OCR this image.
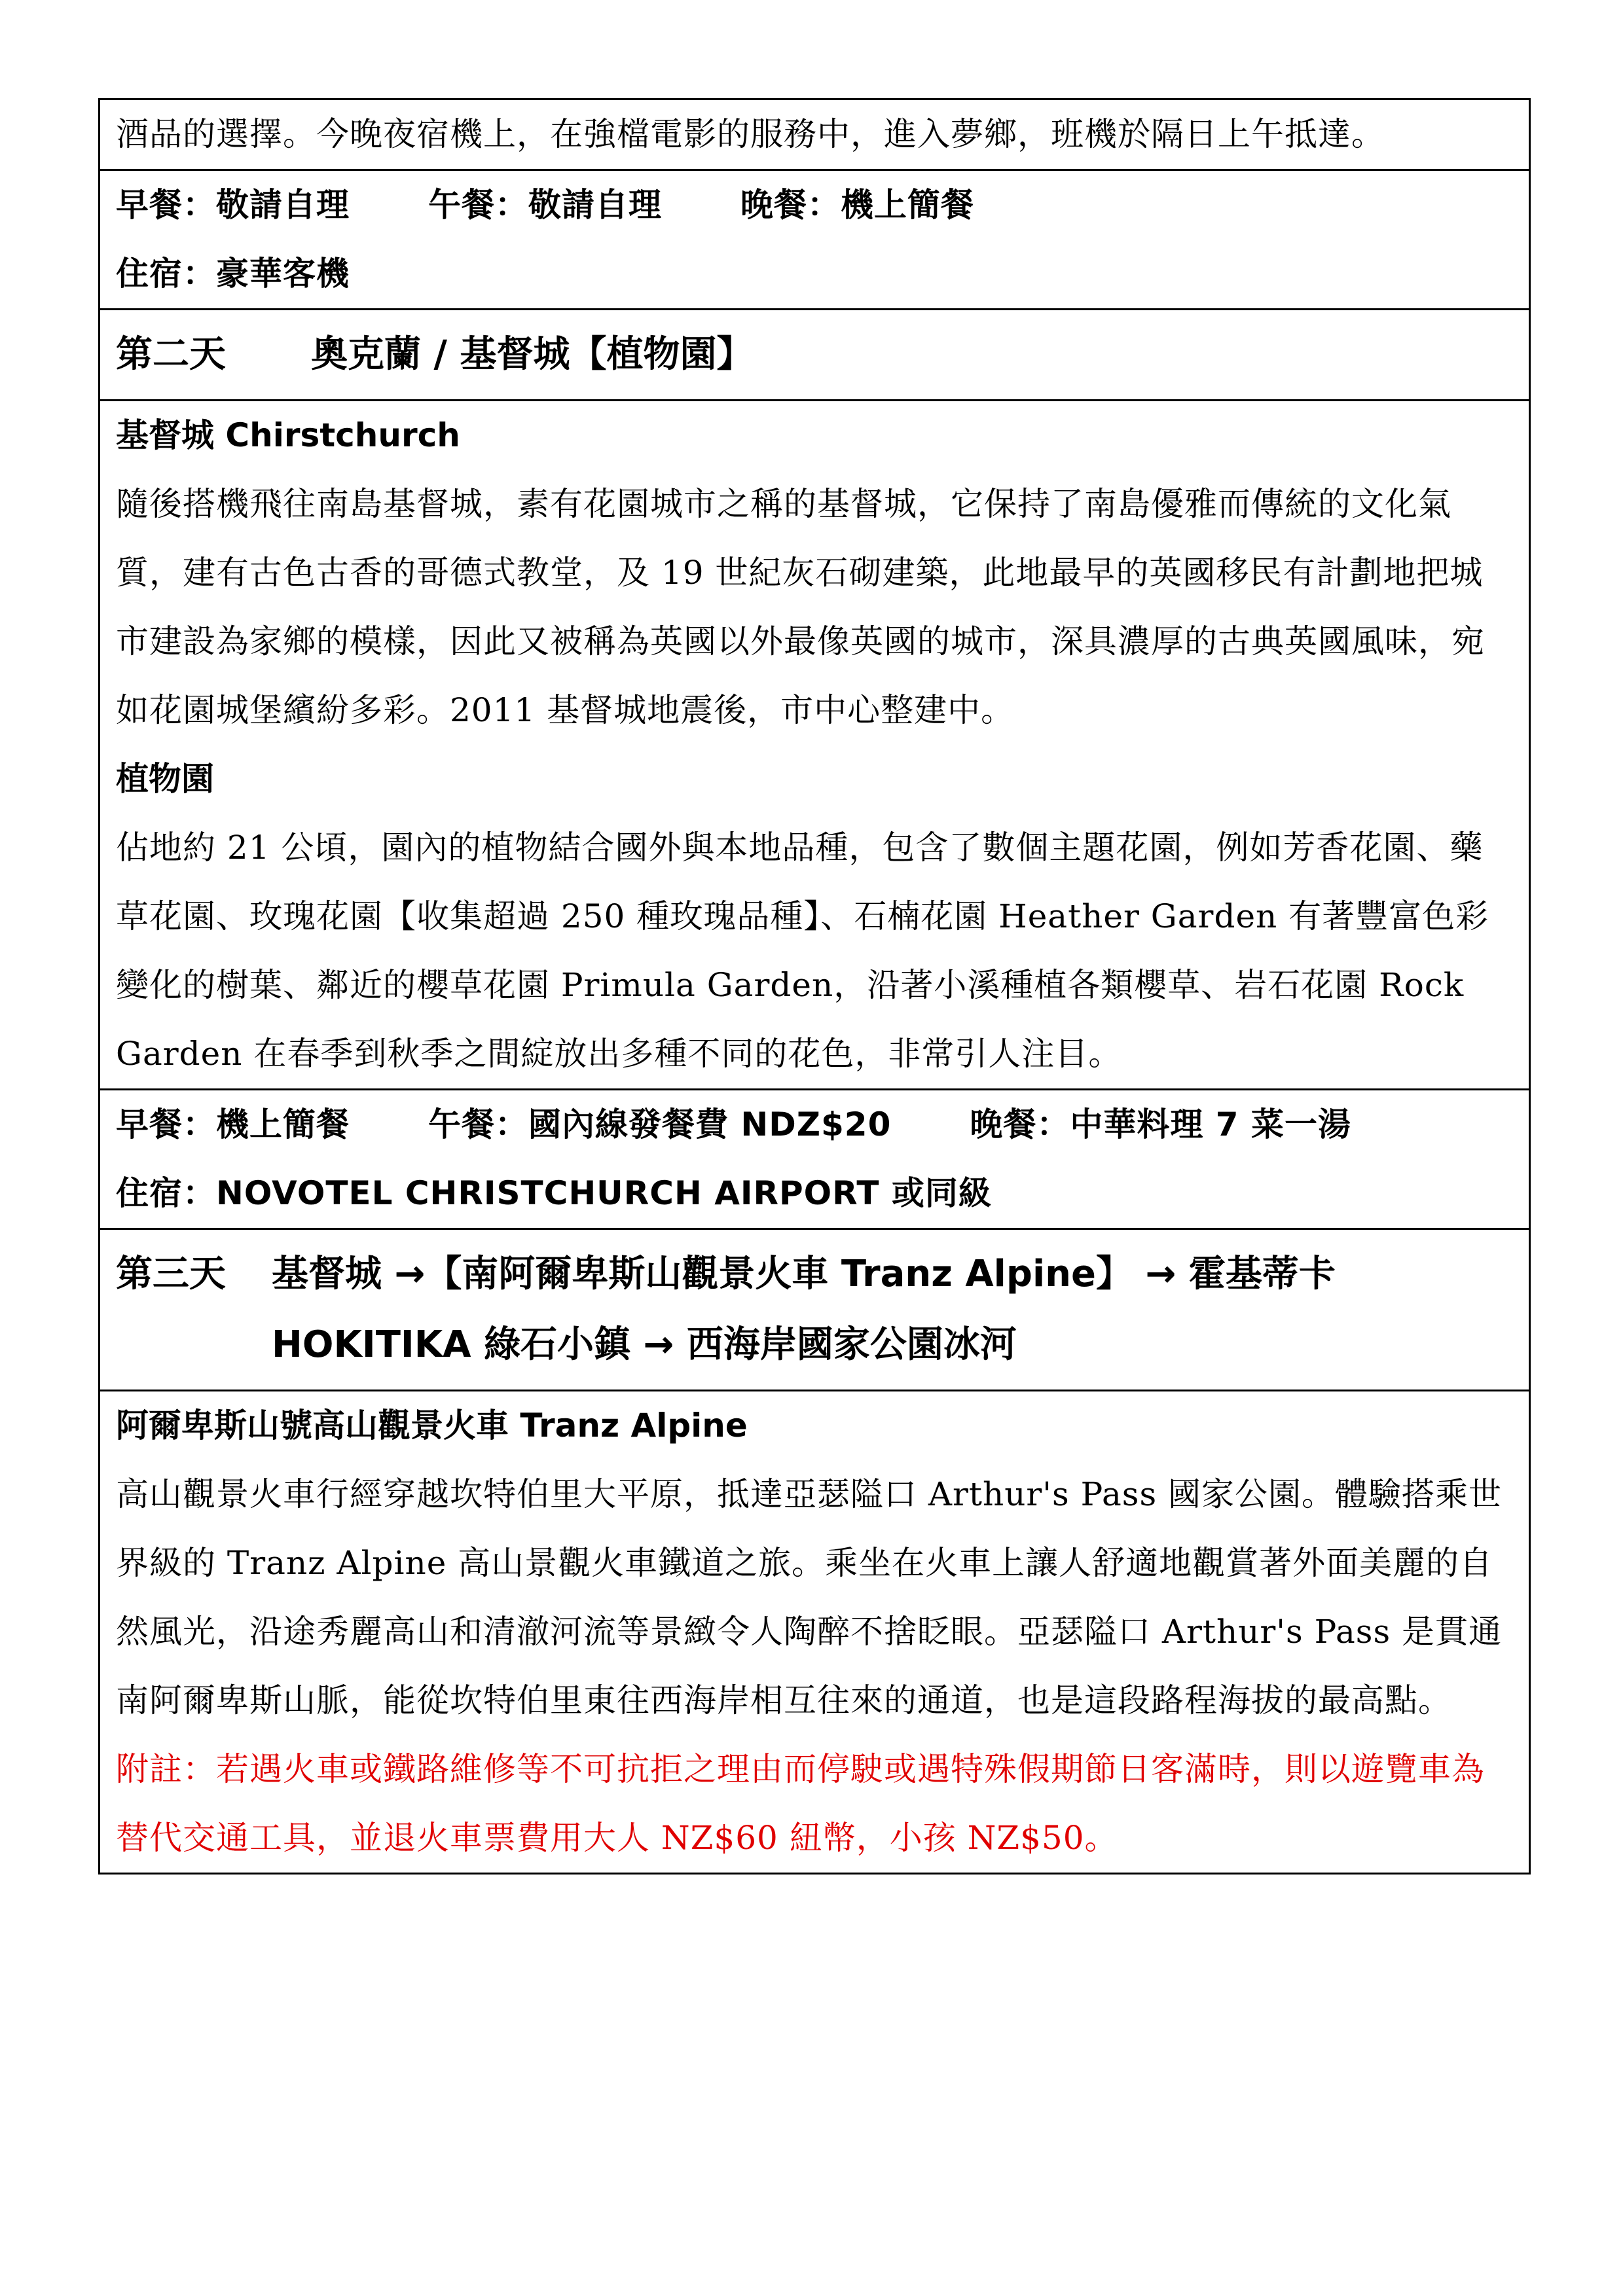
酒品的選擇。今晚夜宿機上，在強檔電影的服務中，進入夢鄉，班機於隔日上午抵達。

早餐：敬請自理 午餐：敬請自理 晚餐：機上簡餐

住宿：豪華客機

第二天 奧克蘭 / 基督城【植物園】

基督城 Chirstchurch

隨後搭機飛往南島基督城，素有花園城市之稱的基督城，它保持了南島優雅而傳統的文化氣質，建有古色古香的哥德式教堂，及 19 世紀灰石砌建築，此地最早的英國移民有計劃地把城市建設為家鄉的模樣，因此又被稱為英國以外最像英國的城市，深具濃厚的古典英國風味，宛如花園城堡繽紛多彩。2011 基督城地震後，市中心整建中。

植物園

佔地約 21 公頃，園內的植物結合國外與本地品種，包含了數個主題花園，例如芳香花園、藥草花園、玫瑰花園【收集超過 250 種玫瑰品種】、石楠花園 Heather Garden 有著豐富色彩變化的樹葉、鄰近的櫻草花園 Primula Garden，沿著小溪種植各類櫻草、岩石花園 Rock Garden 在春季到秋季之間綻放出多種不同的花色，非常引人注目。

早餐：機上簡餐 午餐：國內線發餐費 NDZ$20 晚餐：中華料理 7 菜一湯

住宿：NOVOTEL CHRISTCHURCH AIRPORT 或同級

第三天 基督城 →【南阿爾卑斯山觀景火車 Tranz Alpine】 → 霍基蒂卡 HOKITIKA 綠石小鎮 → 西海岸國家公園冰河

阿爾卑斯山號高山觀景火車 Tranz Alpine

高山觀景火車行經穿越坎特伯里大平原，抵達亞瑟隘口 Arthur's Pass 國家公園。體驗搭乘世界級的 Tranz Alpine 高山景觀火車鐵道之旅。乘坐在火車上讓人舒適地觀賞著外面美麗的自然風光，沿途秀麗高山和清澈河流等景緻令人陶醉不捨眨眼。亞瑟隘口 Arthur's Pass 是貫通南阿爾卑斯山脈，能從坎特伯里東往西海岸相互往來的通道，也是這段路程海拔的最高點。

附註：若遇火車或鐵路維修等不可抗拒之理由而停駛或遇特殊假期節日客滿時，則以遊覽車為替代交通工具，並退火車票費用大人 NZ$60 紐幣，小孩 NZ$50。
